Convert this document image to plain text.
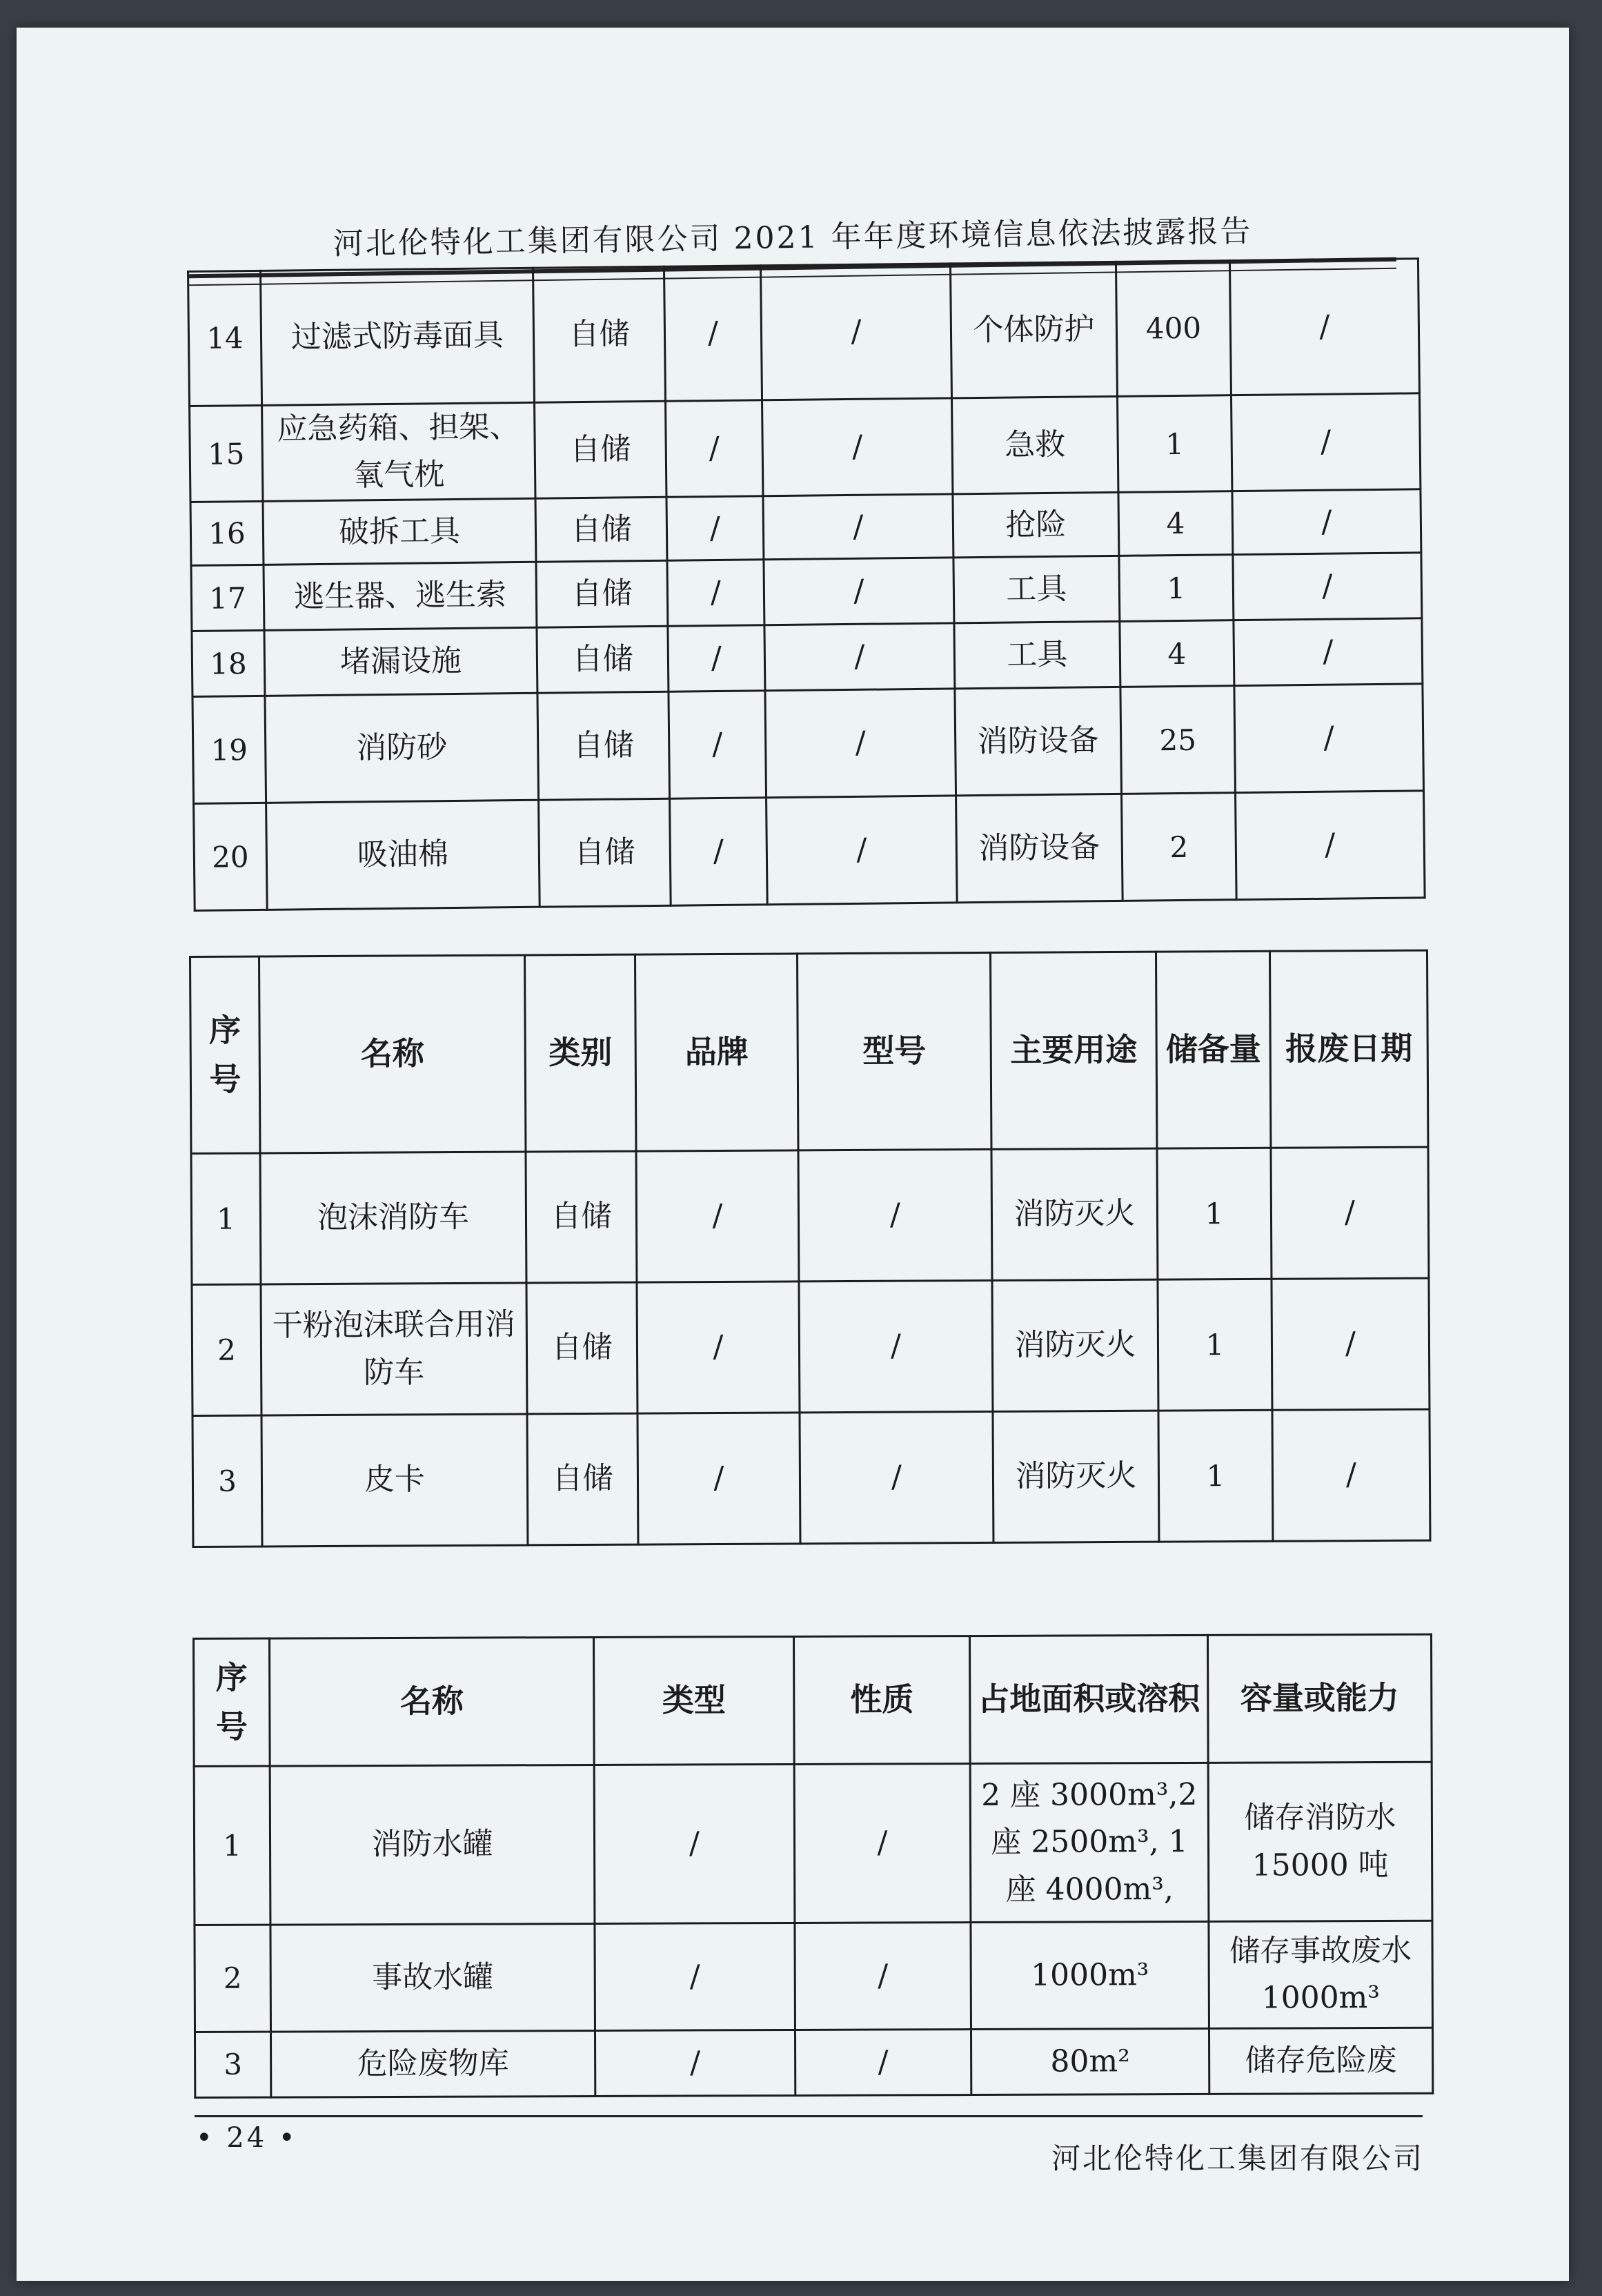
河北伦特化工集团有限公司 2021 年年度环境信息依法披露报告
14	过滤式防毒面具	自储	/	/	个体防护	400	/
15	应急药箱、担架、氧气枕	自储	/	/	急救	1	/
16	破拆工具	自储	/	/	抢险	4	/
17	逃生器、逃生索	自储	/	/	工具	1	/
18	堵漏设施	自储	/	/	工具	4	/
19	消防砂	自储	/	/	消防设备	25	/
20	吸油棉	自储	/	/	消防设备	2	/
序号	名称	类别	品牌	型号	主要用途	储备量	报废日期
1	泡沫消防车	自储	/	/	消防灭火	1	/
2	干粉泡沫联合用消防车	自储	/	/	消防灭火	1	/
3	皮卡	自储	/	/	消防灭火	1	/
序号	名称	类型	性质	占地面积或溶积	容量或能力
1	消防水罐	/	/	2 座 3000m³,2 座 2500m³, 1 座 4000m³,	储存消防水 15000 吨
2	事故水罐	/	/	1000m³	储存事故废水 1000m³
3	危险废物库	/	/	80m²	储存危险废
• 24 •
河北伦特化工集团有限公司
